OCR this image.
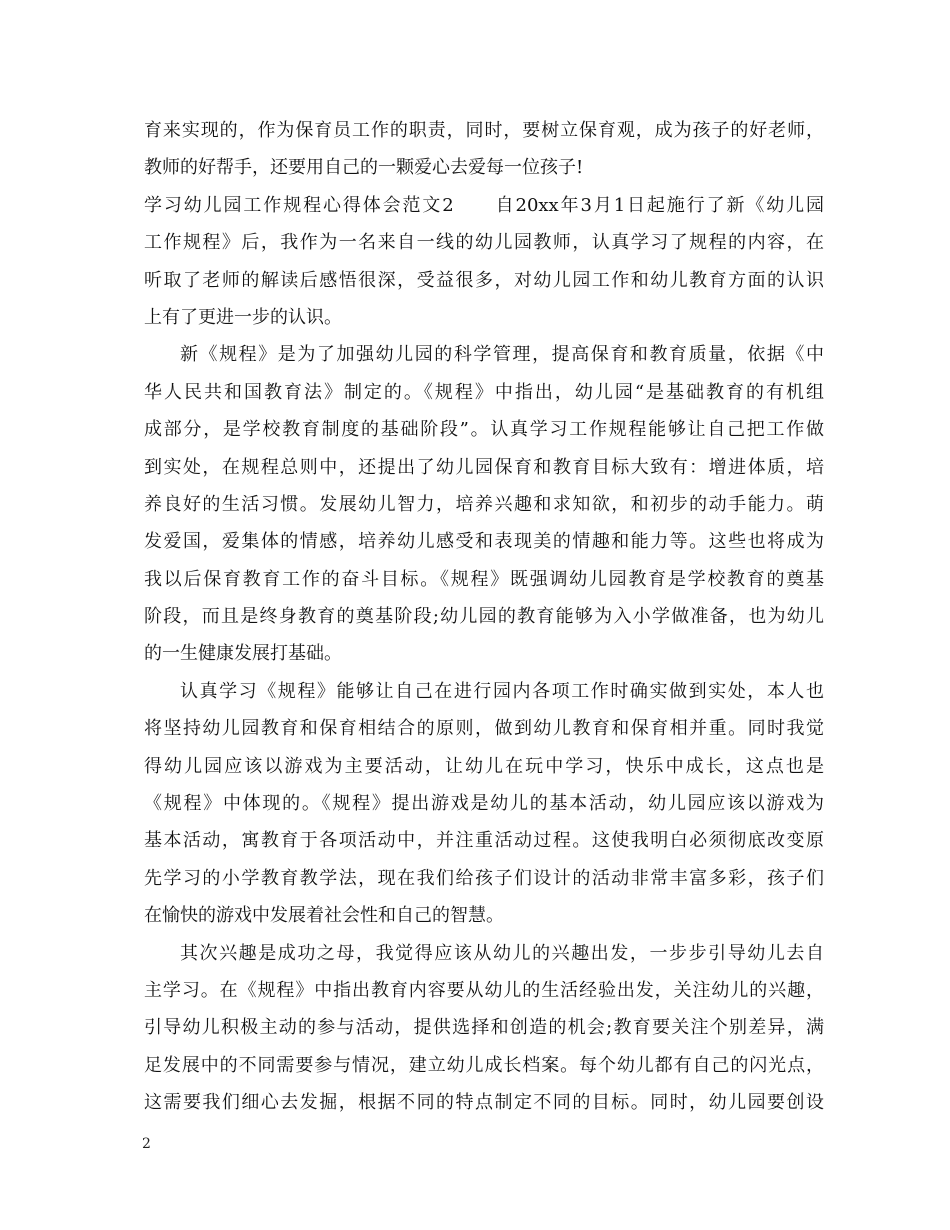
育来实现的，作为保育员工作的职责，同时，要树立保育观，成为孩子的好老师，
教师的好帮手，还要用自己的一颗爱心去爱每一位孩子!
学习幼儿园工作规程心得体会范文2 自20xx年3月1日起施行了新《幼儿园
工作规程》后，我作为一名来自一线的幼儿园教师，认真学习了规程的内容，在
听取了老师的解读后感悟很深，受益很多，对幼儿园工作和幼儿教育方面的认识
上有了更进一步的认识。
新《规程》是为了加强幼儿园的科学管理，提高保育和教育质量，依据《中
华人民共和国教育法》制定的。《规程》中指出，幼儿园“是基础教育的有机组
成部分，是学校教育制度的基础阶段”。认真学习工作规程能够让自己把工作做
到实处，在规程总则中，还提出了幼儿园保育和教育目标大致有：增进体质，培
养良好的生活习惯。发展幼儿智力，培养兴趣和求知欲，和初步的动手能力。萌
发爱国，爱集体的情感，培养幼儿感受和表现美的情趣和能力等。这些也将成为
我以后保育教育工作的奋斗目标。《规程》既强调幼儿园教育是学校教育的奠基
阶段，而且是终身教育的奠基阶段;幼儿园的教育能够为入小学做准备，也为幼儿
的一生健康发展打基础。
认真学习《规程》能够让自己在进行园内各项工作时确实做到实处，本人也
将坚持幼儿园教育和保育相结合的原则，做到幼儿教育和保育相并重。同时我觉
得幼儿园应该以游戏为主要活动，让幼儿在玩中学习，快乐中成长，这点也是
《规程》中体现的。《规程》提出游戏是幼儿的基本活动，幼儿园应该以游戏为
基本活动，寓教育于各项活动中，并注重活动过程。这使我明白必须彻底改变原
先学习的小学教育教学法，现在我们给孩子们设计的活动非常丰富多彩，孩子们
在愉快的游戏中发展着社会性和自己的智慧。
其次兴趣是成功之母，我觉得应该从幼儿的兴趣出发，一步步引导幼儿去自
主学习。在《规程》中指出教育内容要从幼儿的生活经验出发，关注幼儿的兴趣，
引导幼儿积极主动的参与活动，提供选择和创造的机会;教育要关注个别差异，满
足发展中的不同需要参与情况，建立幼儿成长档案。每个幼儿都有自己的闪光点，
这需要我们细心去发掘，根据不同的特点制定不同的目标。同时，幼儿园要创设
2
